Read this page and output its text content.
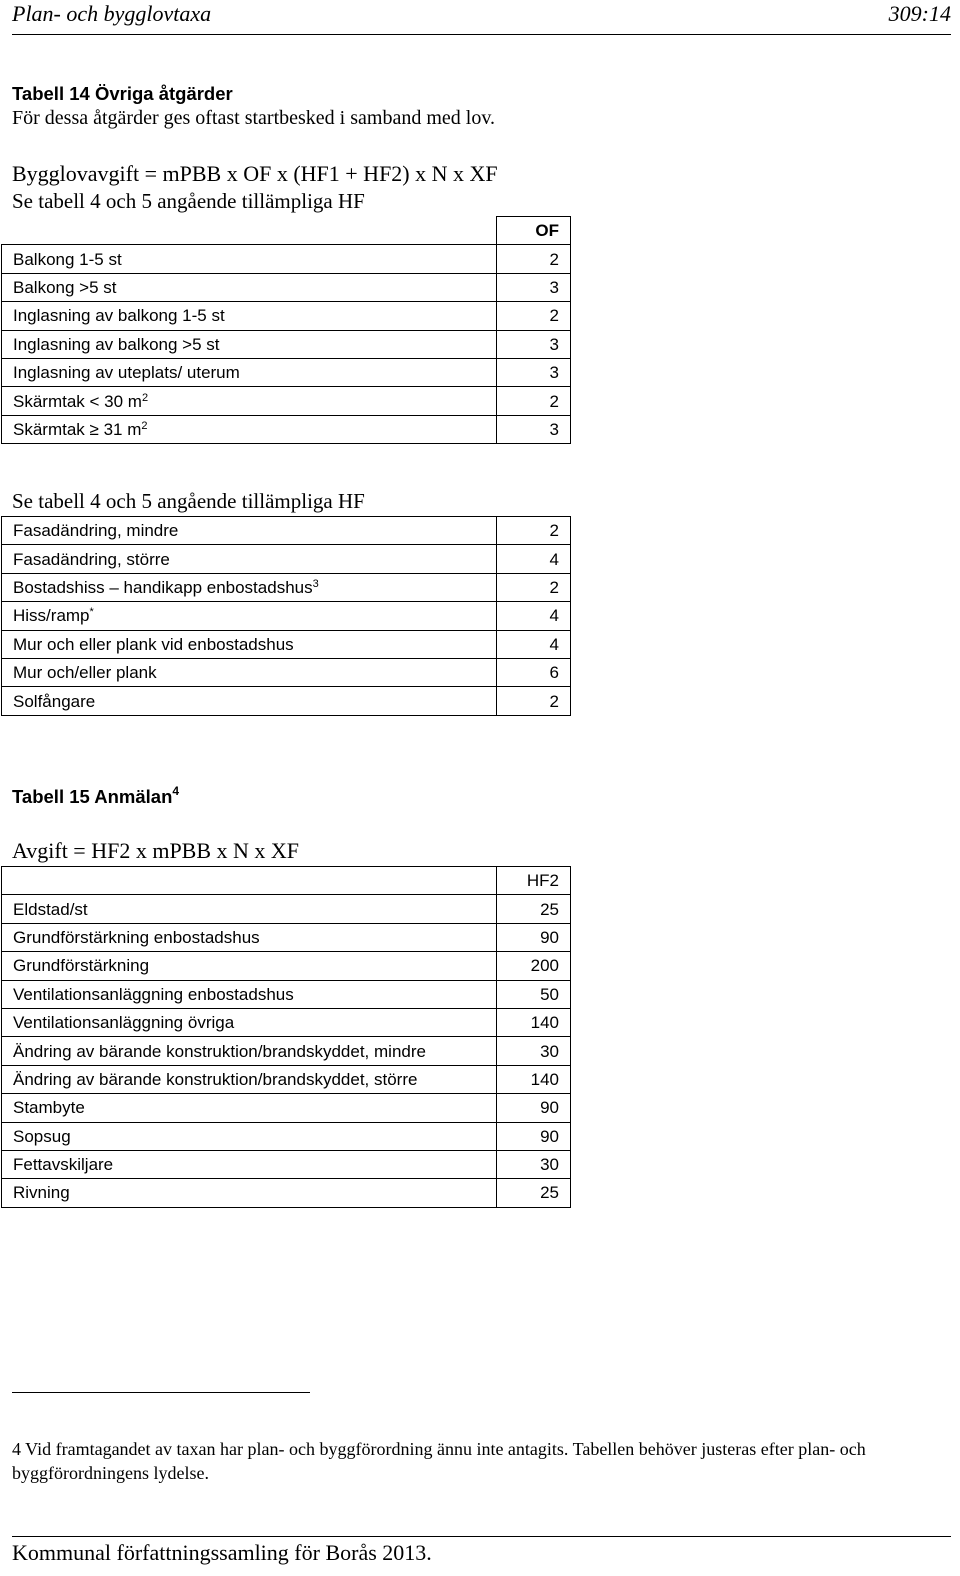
Plan- och bygglovtaxa	309:14
Tabell 14 Övriga åtgärder
För dessa åtgärder ges oftast startbesked i samband med lov.
Bygglovavgift = mPBB x OF x (HF1 + HF2) x N x XF
Se tabell 4 och 5 angående tillämpliga HF
	OF
Balkong 1-5 st	2
Balkong >5 st	3
Inglasning av balkong 1-5 st	2
Inglasning av balkong >5 st	3
Inglasning av uteplats/ uterum	3
Skärmtak < 30 $m^2$	2
Skärmtak ≥ 31 $m^2$	3
Se tabell 4 och 5 angående tillämpliga HF
Fasadändring, mindre	2
Fasadändring, större	4
Bostadshiss – handikapp enbostadshus$^3$	2
Hiss/ramp*	4
Mur och eller plank vid enbostadshus	4
Mur och/eller plank	6
Solfångare	2
Tabell 15 Anmälan$^4$
Avgift = HF2 x mPBB x N x XF
	HF2
Eldstad/st	25
Grundförstärkning enbostadshus	90
Grundförstärkning	200
Ventilationsanläggning enbostadshus	50
Ventilationsanläggning övriga	140
Ändring av bärande konstruktion/brandskyddet, mindre	30
Ändring av bärande konstruktion/brandskyddet, större	140
Stambyte	90
Sopsug	90
Fettavskiljare	30
Rivning	25
4 Vid framtagandet av taxan har plan- och byggförordning ännu inte antagits. Tabellen behöver justeras efter plan- och byggförordningens lydelse.
Kommunal författningssamling för Borås 2013.
